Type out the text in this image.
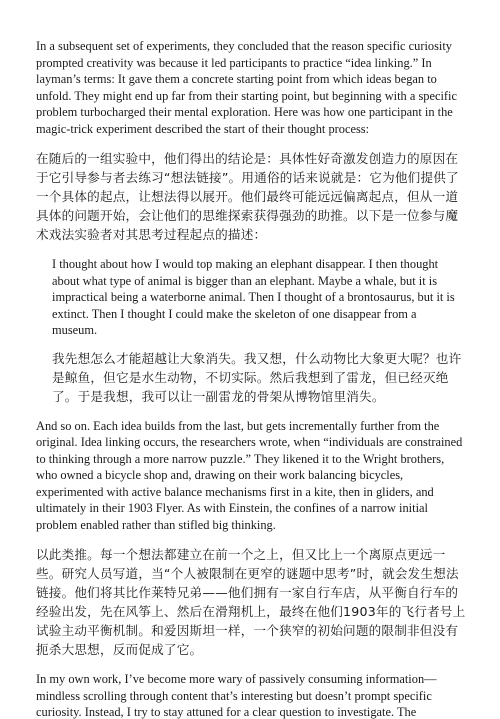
In a subsequent set of experiments, they concluded that the reason specific curiosity prompted creativity was because it led participants to practice “idea linking.” In layman’s terms: It gave them a concrete starting point from which ideas began to unfold. They might end up far from their starting point, but beginning with a specific problem turbocharged their mental exploration. Here was how one participant in the magic-trick experiment described the start of their thought process:

在随后的一组实验中，他们得出的结论是：具体性好奇激发创造力的原因在于它引导参与者去练习“想法链接”。用通俗的话来说就是：它为他们提供了一个具体的起点，让想法得以展开。他们最终可能远远偏离起点，但从一道具体的问题开始，会让他们的思维探索获得强劲的助推。以下是一位参与魔术戏法实验者对其思考过程起点的描述：

I thought about how I would top making an elephant disappear. I then thought about what type of animal is bigger than an elephant. Maybe a whale, but it is impractical being a waterborne animal. Then I thought of a brontosaurus, but it is extinct. Then I thought I could make the skeleton of one disappear from a museum.

我先想怎么才能超越让大象消失。我又想，什么动物比大象更大呢？也许是鲸鱼，但它是水生动物，不切实际。然后我想到了雷龙，但已经灭绝了。于是我想，我可以让一副雷龙的骨架从博物馆里消失。

And so on. Each idea builds from the last, but gets incrementally further from the original. Idea linking occurs, the researchers wrote, when “individuals are constrained to thinking through a more narrow puzzle.” They likened it to the Wright brothers, who owned a bicycle shop and, drawing on their work balancing bicycles, experimented with active balance mechanisms first in a kite, then in gliders, and ultimately in their 1903 Flyer. As with Einstein, the confines of a narrow initial problem enabled rather than stifled big thinking.

以此类推。每一个想法都建立在前一个之上，但又比上一个离原点更远一些。研究人员写道，当“个人被限制在更窄的谜题中思考”时，就会发生想法链接。他们将其比作莱特兄弟——他们拥有一家自行车店，从平衡自行车的经验出发，先在风筝上、然后在滑翔机上，最终在他们1903年的飞行者号上试验主动平衡机制。和爱因斯坦一样，一个狭窄的初始问题的限制非但没有扼杀大思想，反而促成了它。

In my own work, I’ve become more wary of passively consuming information—mindless scrolling through content that’s interesting but doesn’t prompt specific curiosity. Instead, I try to stay attuned for a clear question to investigate. The
